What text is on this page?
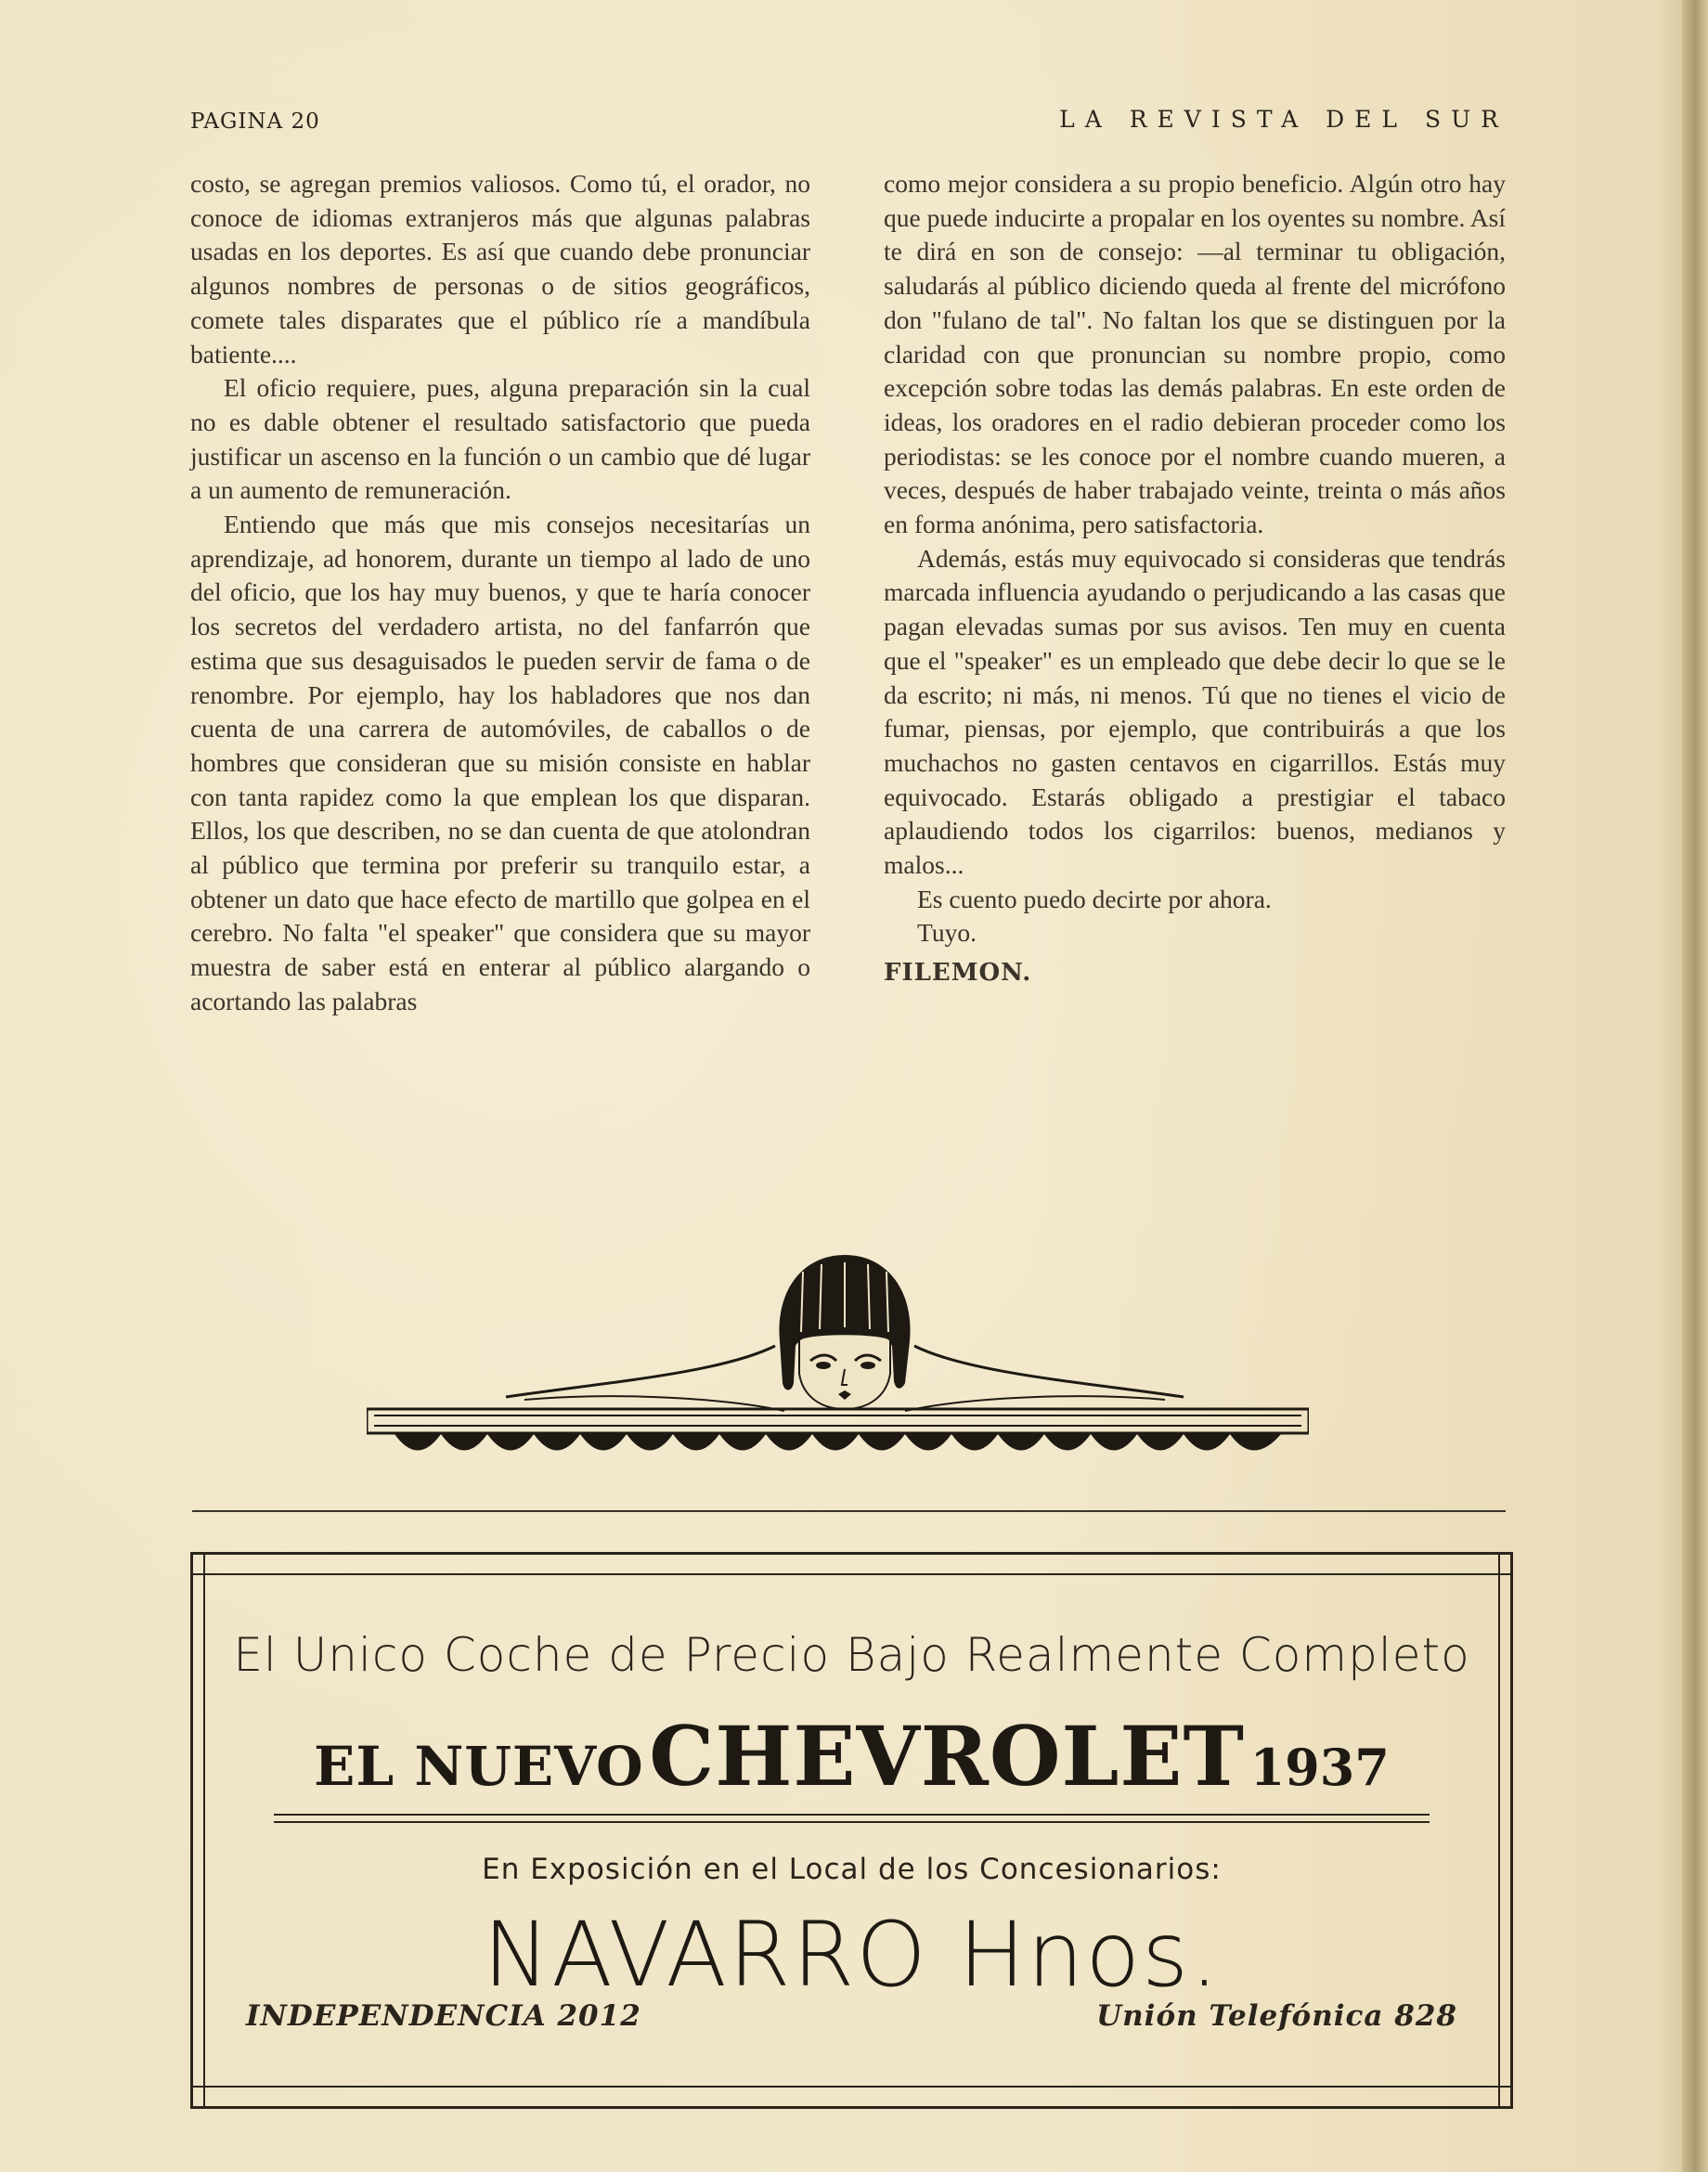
PAGINA 20	LA REVISTA DEL SUR

costo, se agregan premios valiosos. Como tú, el orador, no conoce de idiomas extranjeros más que algunas palabras usadas en los deportes. Es así que cuando debe pronunciar algunos nombres de personas o de sitios geográficos, comete tales disparates que el público ríe a mandíbula batiente....

El oficio requiere, pues, alguna preparación sin la cual no es dable obtener el resultado satisfactorio que pueda justificar un ascenso en la función o un cambio que dé lugar a un aumento de remuneración.

Entiendo que más que mis consejos necesitarías un aprendizaje, ad honorem, durante un tiempo al lado de uno del oficio, que los hay muy buenos, y que te haría conocer los secretos del verdadero artista, no del fanfarrón que estima que sus desaguisados le pueden servir de fama o de renombre. Por ejemplo, hay los habladores que nos dan cuenta de una carrera de automóviles, de caballos o de hombres que consideran que su misión consiste en hablar con tanta rapidez como la que emplean los que disparan. Ellos, los que describen, no se dan cuenta de que atolondran al público que termina por preferir su tranquilo estar, a obtener un dato que hace efecto de martillo que golpea en el cerebro. No falta "el speaker" que considera que su mayor muestra de saber está en enterar al público alargando o acortando las palabras

como mejor considera a su propio beneficio. Algún otro hay que puede inducirte a propalar en los oyentes su nombre. Así te dirá en son de consejo: —al terminar tu obligación, saludarás al público diciendo queda al frente del micrófono don "fulano de tal". No faltan los que se distinguen por la claridad con que pronuncian su nombre propio, como excepción sobre todas las demás palabras. En este orden de ideas, los oradores en el radio debieran proceder como los periodistas: se les conoce por el nombre cuando mueren, a veces, después de haber trabajado veinte, treinta o más años en forma anónima, pero satisfactoria.

Además, estás muy equivocado si consideras que tendrás marcada influencia ayudando o perjudicando a las casas que pagan elevadas sumas por sus avisos. Ten muy en cuenta que el "speaker" es un empleado que debe decir lo que se le da escrito; ni más, ni menos. Tú que no tienes el vicio de fumar, piensas, por ejemplo, que contribuirás a que los muchachos no gasten centavos en cigarrillos. Estás muy equivocado. Estarás obligado a prestigiar el tabaco aplaudiendo todos los cigarrilos: buenos, medianos y malos...

Es cuento puedo decirte por ahora.

Tuyo.

FILEMON.

El Unico Coche de Precio Bajo Realmente Completo
EL NUEVO CHEVROLET 1937
En Exposición en el Local de los Concesionarios:
NAVARRO Hnos.
INDEPENDENCIA 2012	Unión Telefónica 828
